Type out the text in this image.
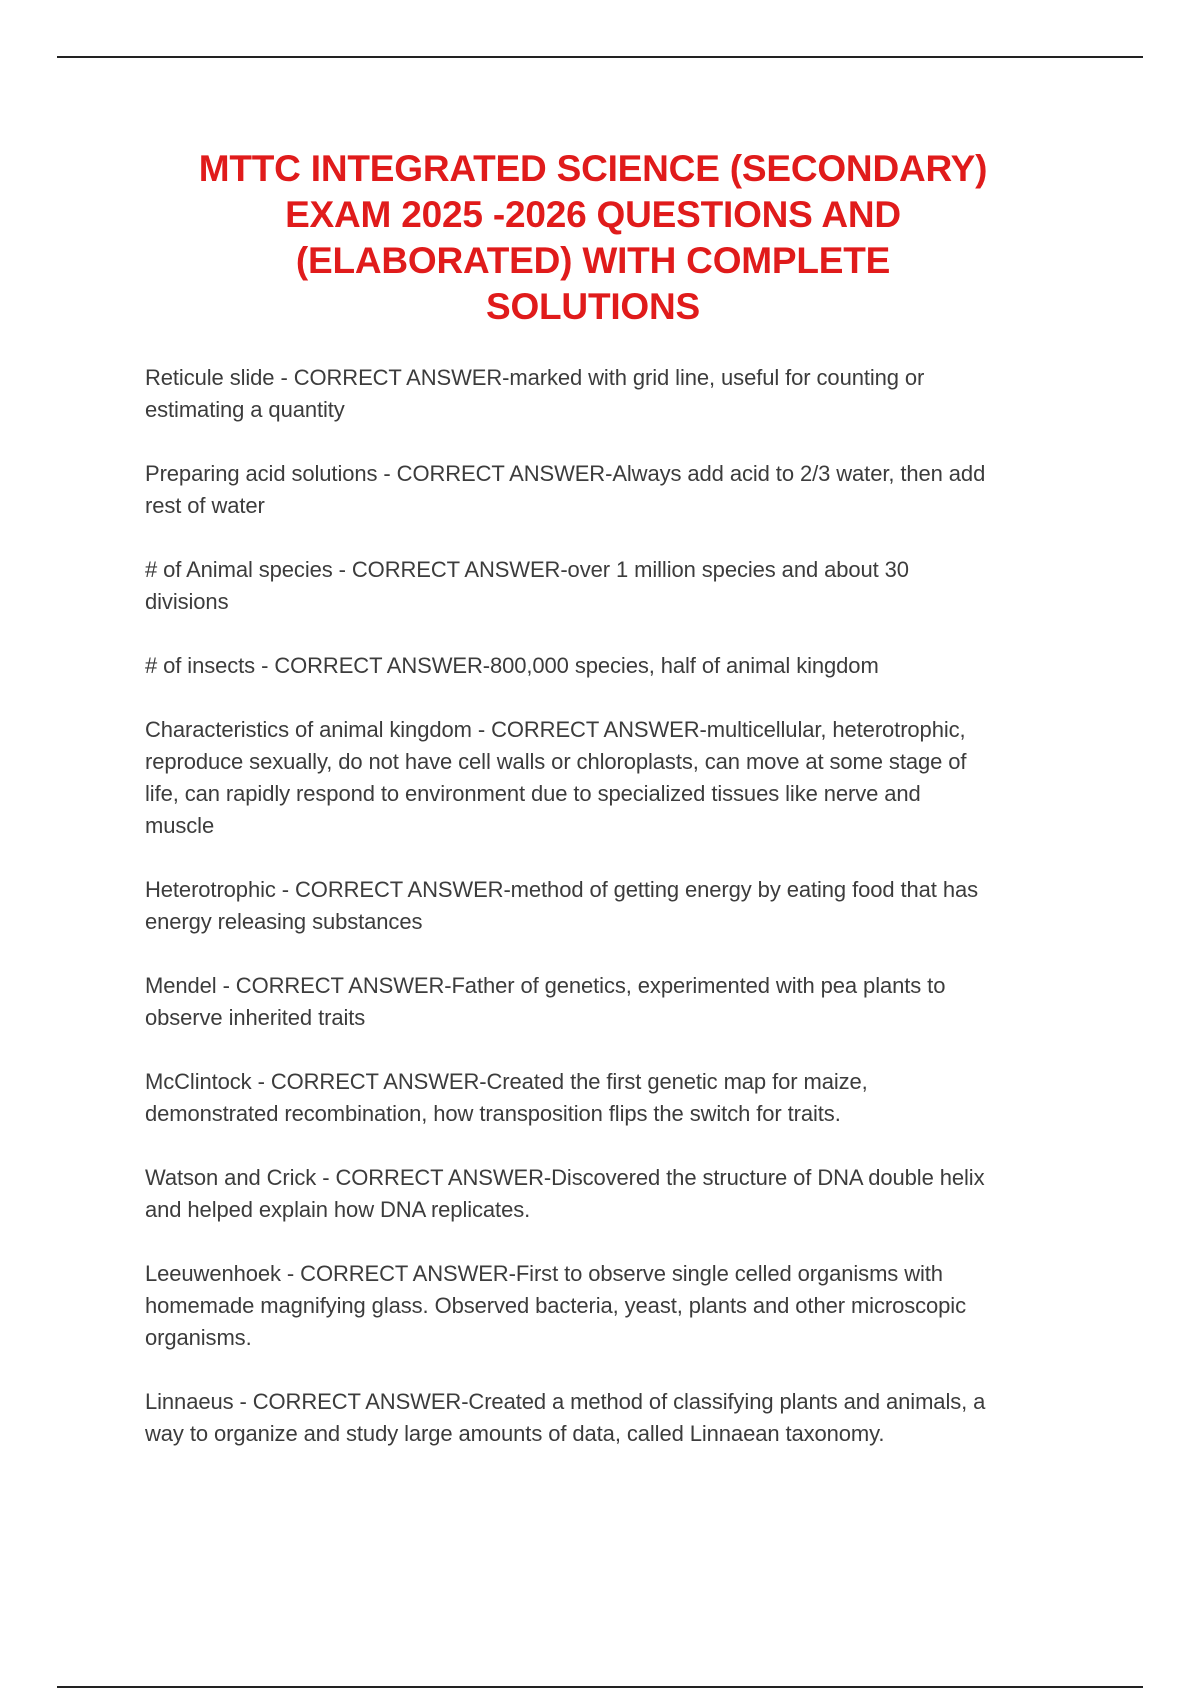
MTTC INTEGRATED SCIENCE (SECONDARY)
EXAM 2025 -2026 QUESTIONS AND
(ELABORATED) WITH COMPLETE
SOLUTIONS
Reticule slide - CORRECT ANSWER-marked with grid line, useful for counting or
estimating a quantity
Preparing acid solutions - CORRECT ANSWER-Always add acid to 2/3 water, then add
rest of water
# of Animal species - CORRECT ANSWER-over 1 million species and about 30
divisions
# of insects - CORRECT ANSWER-800,000 species, half of animal kingdom
Characteristics of animal kingdom - CORRECT ANSWER-multicellular, heterotrophic,
reproduce sexually, do not have cell walls or chloroplasts, can move at some stage of
life, can rapidly respond to environment due to specialized tissues like nerve and
muscle
Heterotrophic - CORRECT ANSWER-method of getting energy by eating food that has
energy releasing substances
Mendel - CORRECT ANSWER-Father of genetics, experimented with pea plants to
observe inherited traits
McClintock - CORRECT ANSWER-Created the first genetic map for maize,
demonstrated recombination, how transposition flips the switch for traits.
Watson and Crick - CORRECT ANSWER-Discovered the structure of DNA double helix
and helped explain how DNA replicates.
Leeuwenhoek - CORRECT ANSWER-First to observe single celled organisms with
homemade magnifying glass. Observed bacteria, yeast, plants and other microscopic
organisms.
Linnaeus - CORRECT ANSWER-Created a method of classifying plants and animals, a
way to organize and study large amounts of data, called Linnaean taxonomy.
